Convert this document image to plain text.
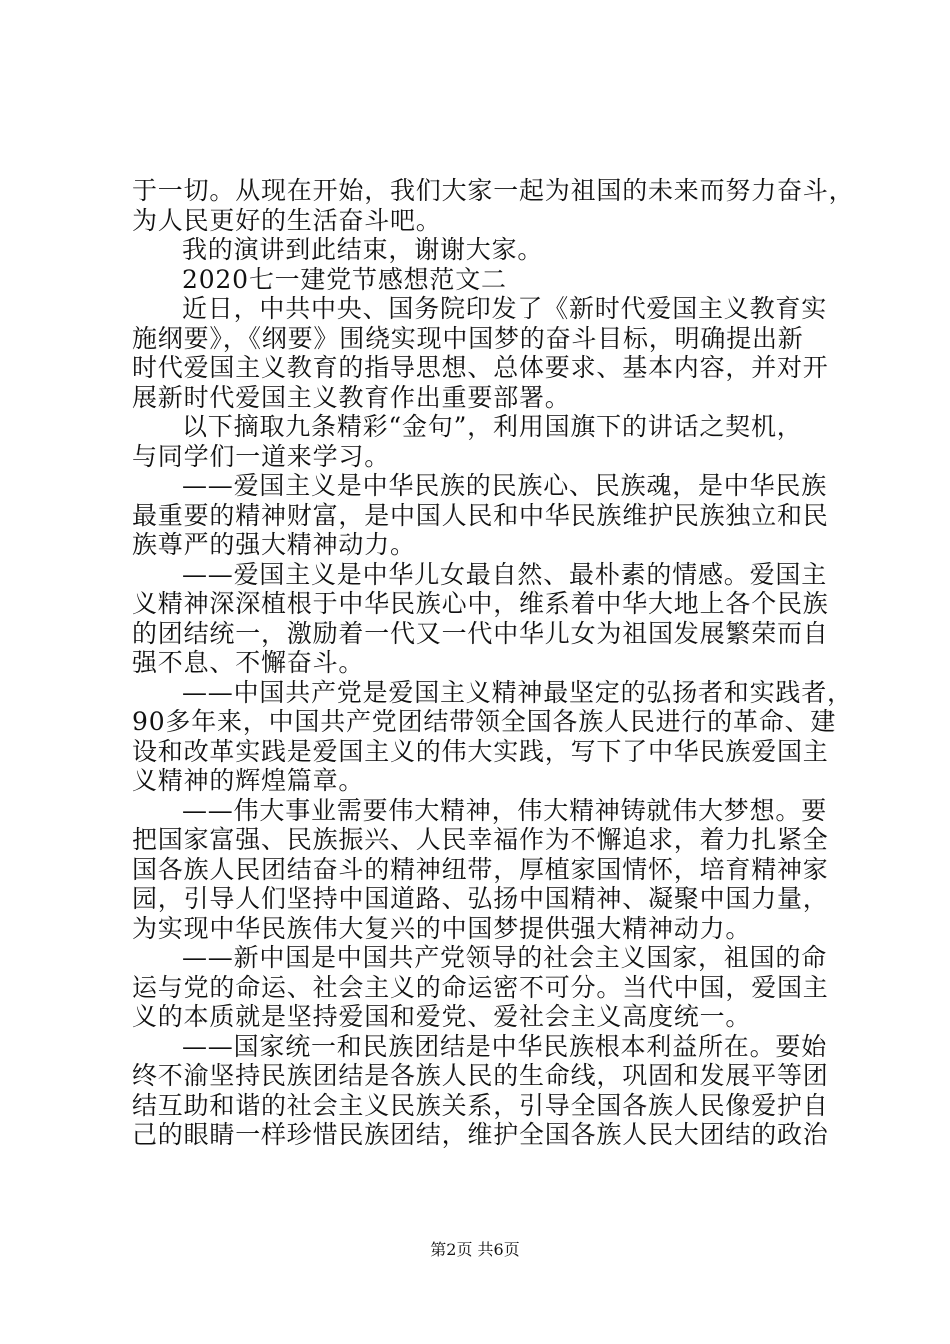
于一切。从现在开始，我们大家一起为祖国的未来而努力奋斗，
为人民更好的生活奋斗吧。
我的演讲到此结束，谢谢大家。
2020七一建党节感想范文二
近日，中共中央、国务院印发了《新时代爱国主义教育实
施纲要》，《纲要》围绕实现中国梦的奋斗目标，明确提出新
时代爱国主义教育的指导思想、总体要求、基本内容，并对开
展新时代爱国主义教育作出重要部署。
以下摘取九条精彩“金句”，利用国旗下的讲话之契机，
与同学们一道来学习。
——爱国主义是中华民族的民族心、民族魂，是中华民族
最重要的精神财富，是中国人民和中华民族维护民族独立和民
族尊严的强大精神动力。
——爱国主义是中华儿女最自然、最朴素的情感。爱国主
义精神深深植根于中华民族心中，维系着中华大地上各个民族
的团结统一，激励着一代又一代中华儿女为祖国发展繁荣而自
强不息、不懈奋斗。
——中国共产党是爱国主义精神最坚定的弘扬者和实践者，
90多年来，中国共产党团结带领全国各族人民进行的革命、建
设和改革实践是爱国主义的伟大实践，写下了中华民族爱国主
义精神的辉煌篇章。
——伟大事业需要伟大精神，伟大精神铸就伟大梦想。要
把国家富强、民族振兴、人民幸福作为不懈追求，着力扎紧全
国各族人民团结奋斗的精神纽带，厚植家国情怀，培育精神家
园，引导人们坚持中国道路、弘扬中国精神、凝聚中国力量，
为实现中华民族伟大复兴的中国梦提供强大精神动力。
——新中国是中国共产党领导的社会主义国家，祖国的命
运与党的命运、社会主义的命运密不可分。当代中国，爱国主
义的本质就是坚持爱国和爱党、爱社会主义高度统一。
——国家统一和民族团结是中华民族根本利益所在。要始
终不渝坚持民族团结是各族人民的生命线，巩固和发展平等团
结互助和谐的社会主义民族关系，引导全国各族人民像爱护自
己的眼睛一样珍惜民族团结，维护全国各族人民大团结的政治
第2页 共6页
